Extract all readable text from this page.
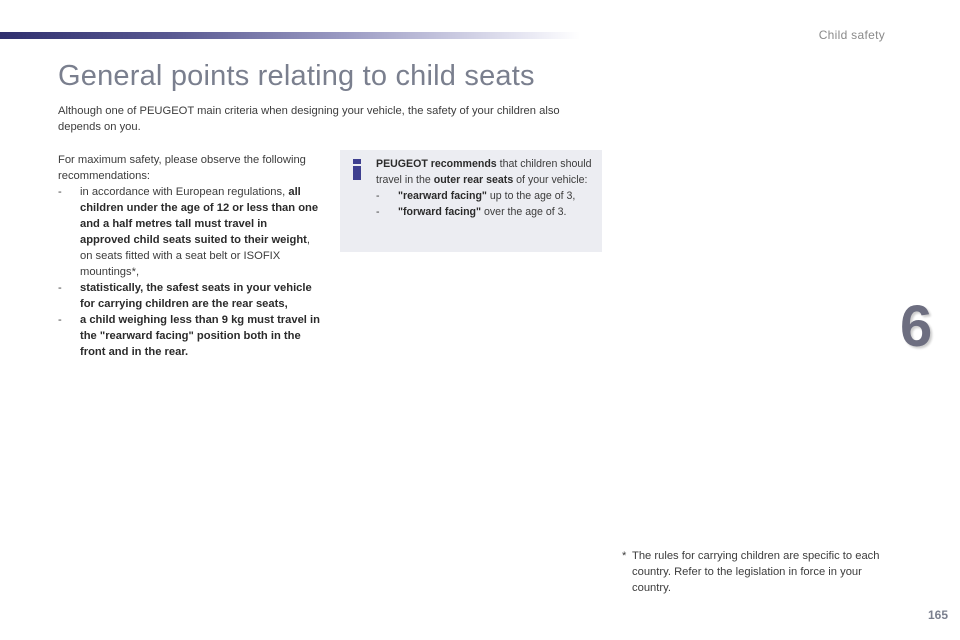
Child safety
General points relating to child seats

Although one of PEUGEOT main criteria when designing your vehicle, the safety of your children also depends on you.

For maximum safety, please observe the following recommendations:

- in accordance with European regulations, all children under the age of 12 or less than one and a half metres tall must travel in approved child seats suited to their weight, on seats fitted with a seat belt or ISOFIX mountings*,
- statistically, the safest seats in your vehicle for carrying children are the rear seats,
- a child weighing less than 9 kg must travel in the "rearward facing" position both in the front and in the rear.

PEUGEOT recommends that children should travel in the outer rear seats of your vehicle:

- "rearward facing" up to the age of 3,
- "forward facing" over the age of 3.
6
* The rules for carrying children are specific to each country. Refer to the legislation in force in your country.
165
